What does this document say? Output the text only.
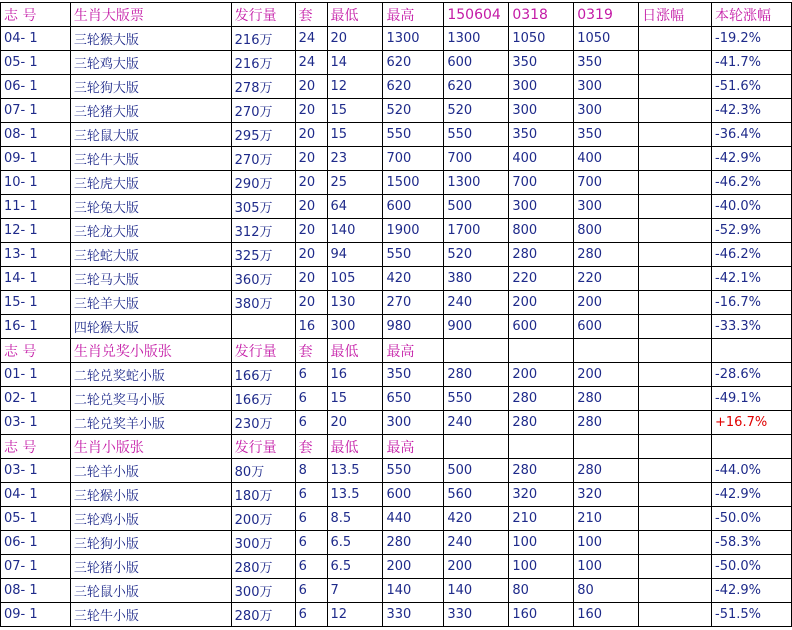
志 号	生肖大版票	发行量	套	最低	最高	150604	0318	0319	日涨幅	本轮涨幅
04- 1	三轮猴大版	216万	24	20	1300	1300	1050	1050		-19.2%
05- 1	三轮鸡大版	216万	24	14	620	600	350	350		-41.7%
06- 1	三轮狗大版	278万	20	12	620	620	300	300		-51.6%
07- 1	三轮猪大版	270万	20	15	520	520	300	300		-42.3%
08- 1	三轮鼠大版	295万	20	15	550	550	350	350		-36.4%
09- 1	三轮牛大版	270万	20	23	700	700	400	400		-42.9%
10- 1	三轮虎大版	290万	20	25	1500	1300	700	700		-46.2%
11- 1	三轮兔大版	305万	20	64	600	500	300	300		-40.0%
12- 1	三轮龙大版	312万	20	140	1900	1700	800	800		-52.9%
13- 1	三轮蛇大版	325万	20	94	550	520	280	280		-46.2%
14- 1	三轮马大版	360万	20	105	420	380	220	220		-42.1%
15- 1	三轮羊大版	380万	20	130	270	240	200	200		-16.7%
16- 1	四轮猴大版		16	300	980	900	600	600		-33.3%
志 号	生肖兑奖小版张	发行量	套	最低	最高					
01- 1	二轮兑奖蛇小版	166万	6	16	350	280	200	200		-28.6%
02- 1	二轮兑奖马小版	166万	6	15	650	550	280	280		-49.1%
03- 1	二轮兑奖羊小版	230万	6	20	300	240	280	280		+16.7%
志 号	生肖小版张	发行量	套	最低	最高					
03- 1	二轮羊小版	80万	8	13.5	550	500	280	280		-44.0%
04- 1	三轮猴小版	180万	6	13.5	600	560	320	320		-42.9%
05- 1	三轮鸡小版	200万	6	8.5	440	420	210	210		-50.0%
06- 1	三轮狗小版	300万	6	6.5	280	240	100	100		-58.3%
07- 1	三轮猪小版	280万	6	6.5	200	200	100	100		-50.0%
08- 1	三轮鼠小版	300万	6	7	140	140	80	80		-42.9%
09- 1	三轮牛小版	280万	6	12	330	330	160	160		-51.5%
